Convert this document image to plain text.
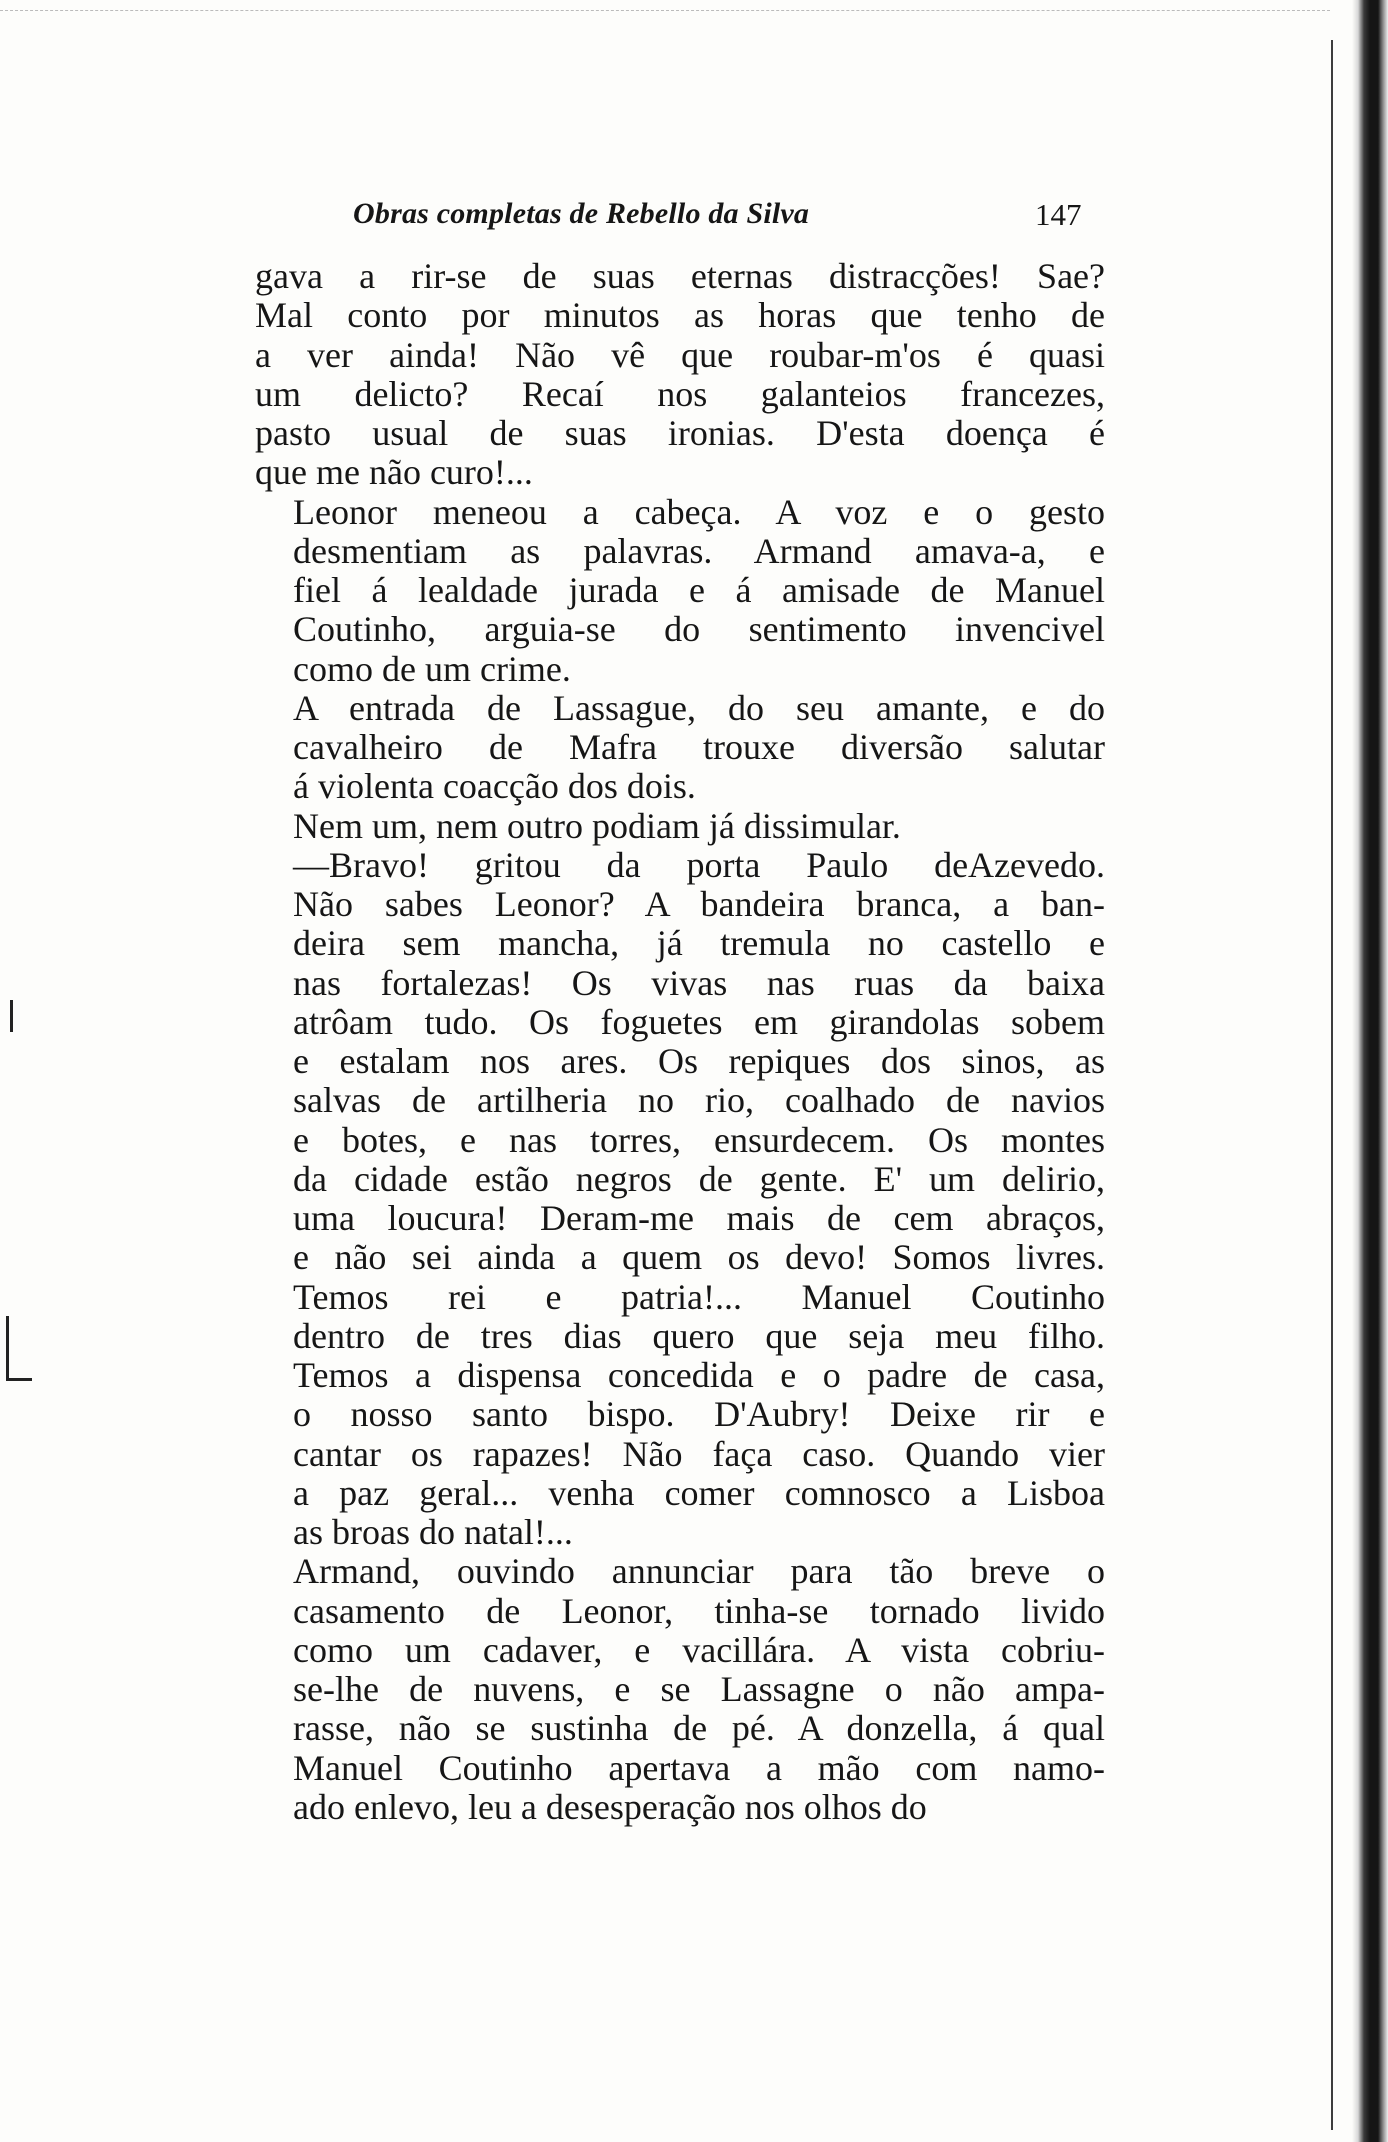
Obras completas de Rebello da Silva	147

gava a rir-se de suas eternas distracções! Sae?
Mal conto por minutos as horas que tenho de
a ver ainda! Não vê que roubar-m'os é quasi
um delicto? Recaí nos galanteios francezes,
pasto usual de suas ironias. D'esta doença é
que me não curo!...

Leonor meneou a cabeça. A voz e o gesto
desmentiam as palavras. Armand amava-a, e
fiel á lealdade jurada e á amisade de Manuel
Coutinho, arguia-se do sentimento invencivel
como de um crime.

A entrada de Lassague, do seu amante, e do
cavalheiro de Mafra trouxe diversão salutar
á violenta coacção dos dois.

Nem um, nem outro podiam já dissimular.

—Bravo! gritou da porta Paulo deAzevedo.
Não sabes Leonor? A bandeira branca, a ban-
deira sem mancha, já tremula no castello e
nas fortalezas! Os vivas nas ruas da baixa
atrôam tudo. Os foguetes em girandolas sobem
e estalam nos ares. Os repiques dos sinos, as
salvas de artilheria no rio, coalhado de navios
e botes, e nas torres, ensurdecem. Os montes
da cidade estão negros de gente. E' um delirio,
uma loucura! Deram-me mais de cem abraços,
e não sei ainda a quem os devo! Somos livres.
Temos rei e patria!... Manuel Coutinho
dentro de tres dias quero que seja meu filho.
Temos a dispensa concedida e o padre de casa,
o nosso santo bispo. D'Aubry! Deixe rir e
cantar os rapazes! Não faça caso. Quando vier
a paz geral... venha comer comnosco a Lisboa
as broas do natal!...

Armand, ouvindo annunciar para tão breve o
casamento de Leonor, tinha-se tornado livido
como um cadaver, e vacillára. A vista cobriu-
se-lhe de nuvens, e se Lassagne o não ampa-
rasse, não se sustinha de pé. A donzella, á qual
Manuel Coutinho apertava a mão com namo-
ado enlevo, leu a desesperação nos olhos do
